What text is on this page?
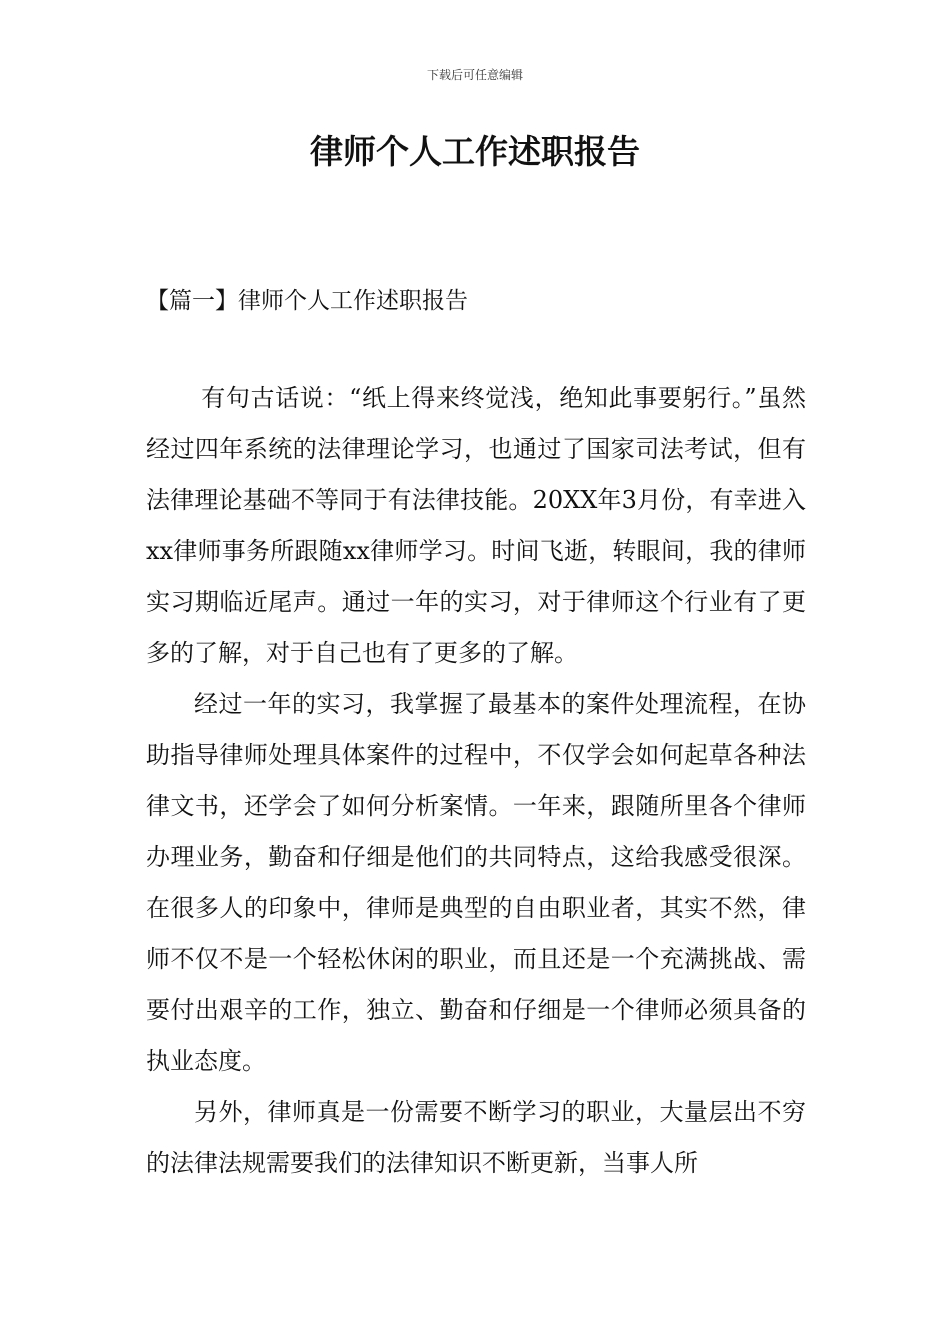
下载后可任意编辑
律师个人工作述职报告
【篇一】律师个人工作述职报告

有句古话说：“纸上得来终觉浅，绝知此事要躬行。”虽然经过四年系统的法律理论学习，也通过了国家司法考试，但有法律理论基础不等同于有法律技能。20XX年3月份，有幸进入xx律师事务所跟随xx律师学习。时间飞逝，转眼间，我的律师实习期临近尾声。通过一年的实习，对于律师这个行业有了更多的了解，对于自己也有了更多的了解。

经过一年的实习，我掌握了最基本的案件处理流程，在协助指导律师处理具体案件的过程中，不仅学会如何起草各种法律文书，还学会了如何分析案情。一年来，跟随所里各个律师办理业务，勤奋和仔细是他们的共同特点，这给我感受很深。在很多人的印象中，律师是典型的自由职业者，其实不然，律师不仅不是一个轻松休闲的职业，而且还是一个充满挑战、需要付出艰辛的工作，独立、勤奋和仔细是一个律师必须具备的执业态度。

另外，律师真是一份需要不断学习的职业，大量层出不穷的法律法规需要我们的法律知识不断更新，当事人所
